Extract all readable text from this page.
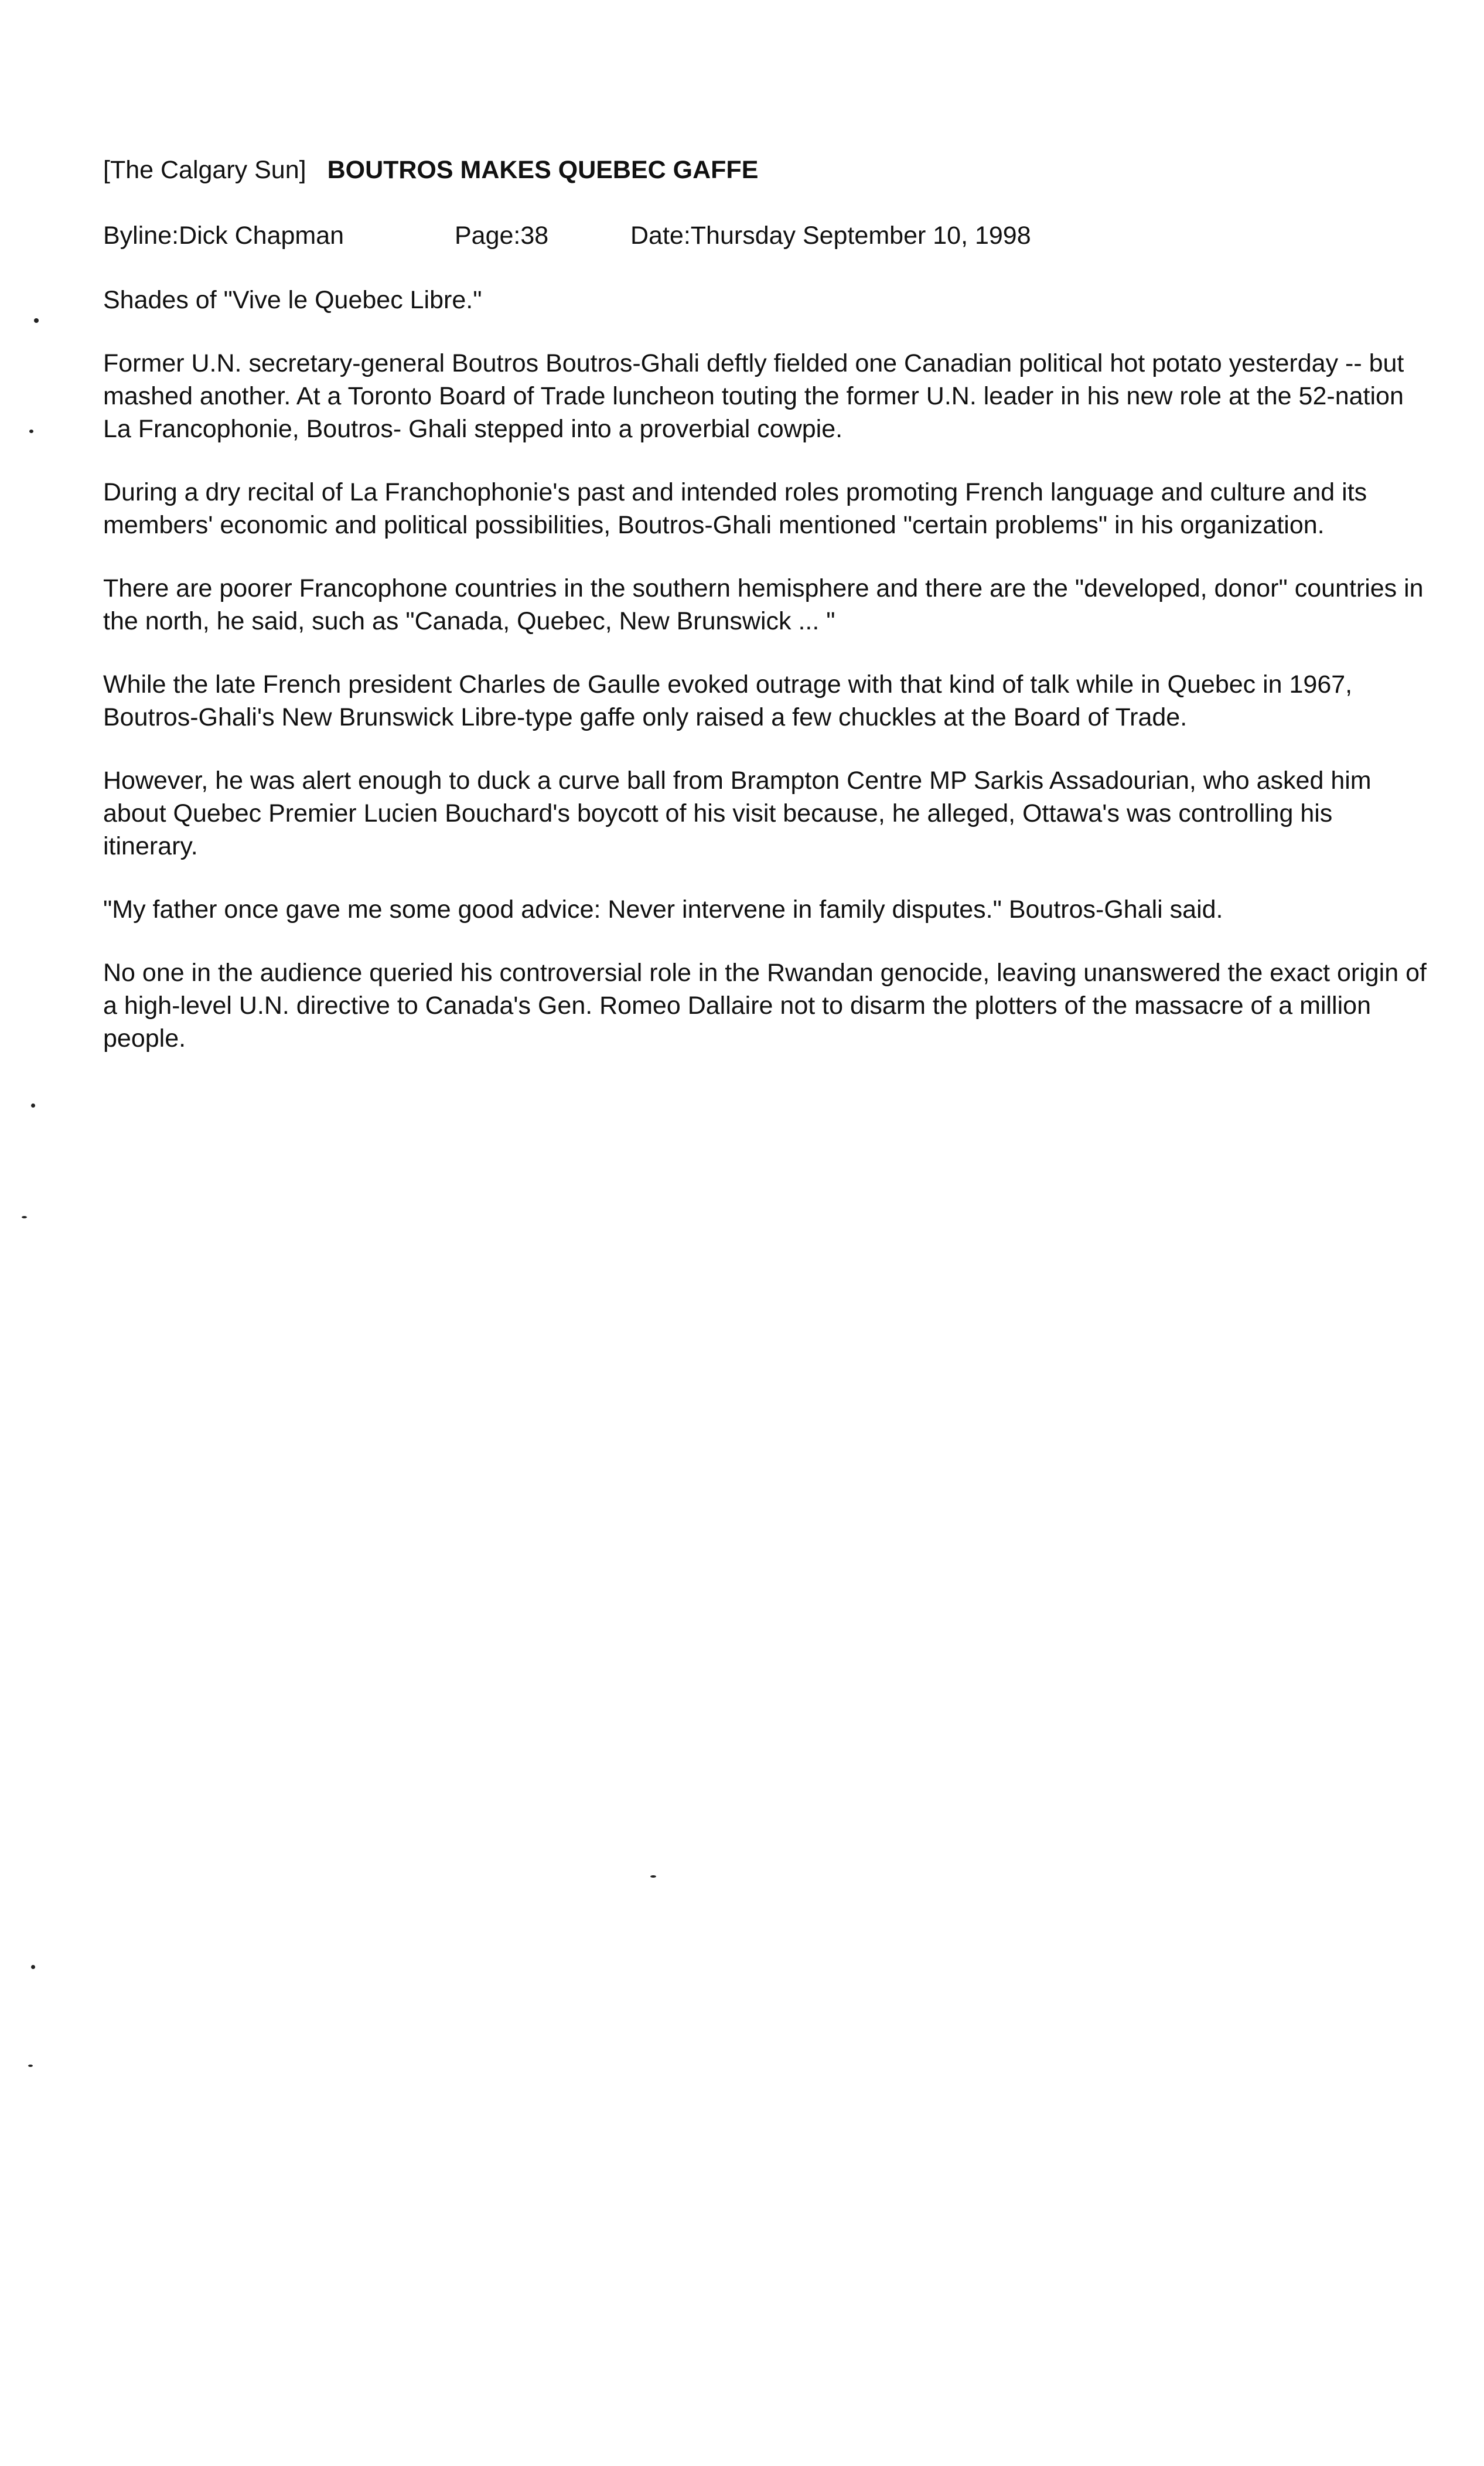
[The Calgary Sun] BOUTROS MAKES QUEBEC GAFFE
Byline:Dick Chapman	Page:38	Date:Thursday September 10, 1998

Shades of "Vive le Quebec Libre."

Former U.N. secretary-general Boutros Boutros-Ghali deftly fielded one Canadian political hot potato yesterday -- but mashed another. At a Toronto Board of Trade luncheon touting the former U.N. leader in his new role at the 52-nation La Francophonie, Boutros- Ghali stepped into a proverbial cowpie.

During a dry recital of La Franchophonie's past and intended roles promoting French language and culture and its members' economic and political possibilities, Boutros-Ghali mentioned "certain problems" in his organization.

There are poorer Francophone countries in the southern hemisphere and there are the "developed, donor" countries in the north, he said, such as "Canada, Quebec, New Brunswick ... "

While the late French president Charles de Gaulle evoked outrage with that kind of talk while in Quebec in 1967, Boutros-Ghali's New Brunswick Libre-type gaffe only raised a few chuckles at the Board of Trade.

However, he was alert enough to duck a curve ball from Brampton Centre MP Sarkis Assadourian, who asked him about Quebec Premier Lucien Bouchard's boycott of his visit because, he alleged, Ottawa's was controlling his itinerary.

"My father once gave me some good advice: Never intervene in family disputes." Boutros-Ghali said.

No one in the audience queried his controversial role in the Rwandan genocide, leaving unanswered the exact origin of a high-level U.N. directive to Canada's Gen. Romeo Dallaire not to disarm the plotters of the massacre of a million people.
